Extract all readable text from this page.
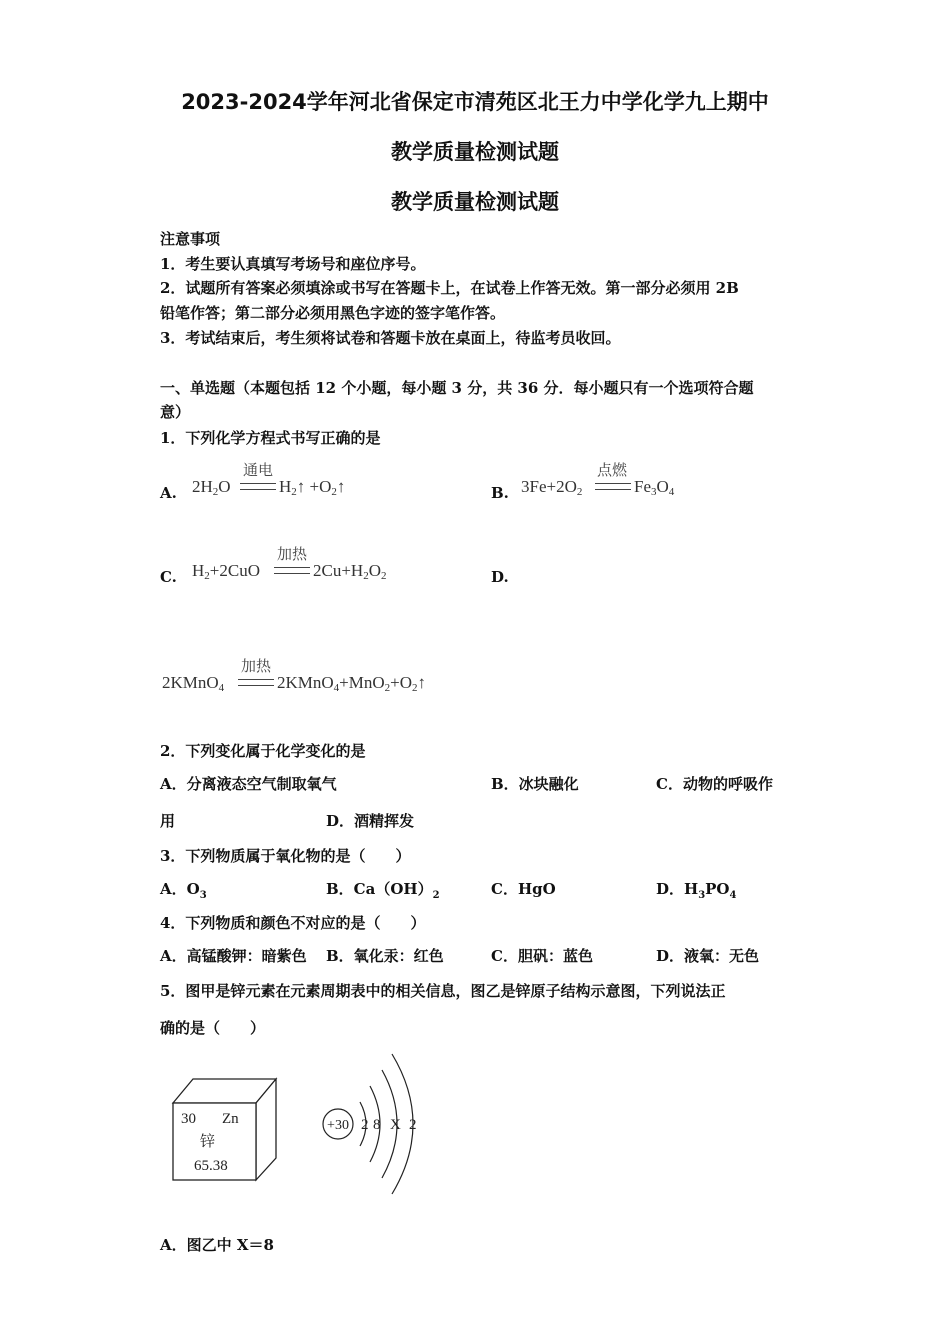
2023-2024学年河北省保定市清苑区北王力中学化学九上期中
教学质量检测试题
教学质量检测试题
注意事项
1．考生要认真填写考场号和座位序号。
2．试题所有答案必须填涂或书写在答题卡上，在试卷上作答无效。第一部分必须用 2B
铅笔作答；第二部分必须用黑色字迹的签字笔作答。
3．考试结束后，考生须将试卷和答题卡放在桌面上，待监考员收回。
一、单选题（本题包括 12 个小题，每小题 3 分，共 36 分．每小题只有一个选项符合题
意）
1．下列化学方程式书写正确的是
A. $2H_2O$
通电
$H_2↑$ $+O_2↑$	B. $3Fe+2O_2$
点燃
$Fe_3O_4$
C. $H_2+2CuO$
加热
$2Cu+H_2O_2$	D.
2KMnO$_4$
加热
$2KMnO_4+MnO_2+O_2↑$
2．下列变化属于化学变化的是
A．分离液态空气制取氧气	B．冰块融化	C．动物的呼吸作
用	D．酒精挥发
3．下列物质属于氧化物的是（　　）
A．$O_3$	B．$Ca(OH)_2$	C．HgO	D．$H_3PO_4$
4．下列物质和颜色不对应的是（　　）
A．高锰酸钾：暗紫色 B．氧化汞：红色	C．胆矾：蓝色	D．液氧：无色
5．图甲是锌元素在元素周期表中的相关信息，图乙是锌原子结构示意图，下列说法正
确的是（　　）
30 Zn
锌
65.38
+30 2 8 X 2
A．图乙中 X＝8
